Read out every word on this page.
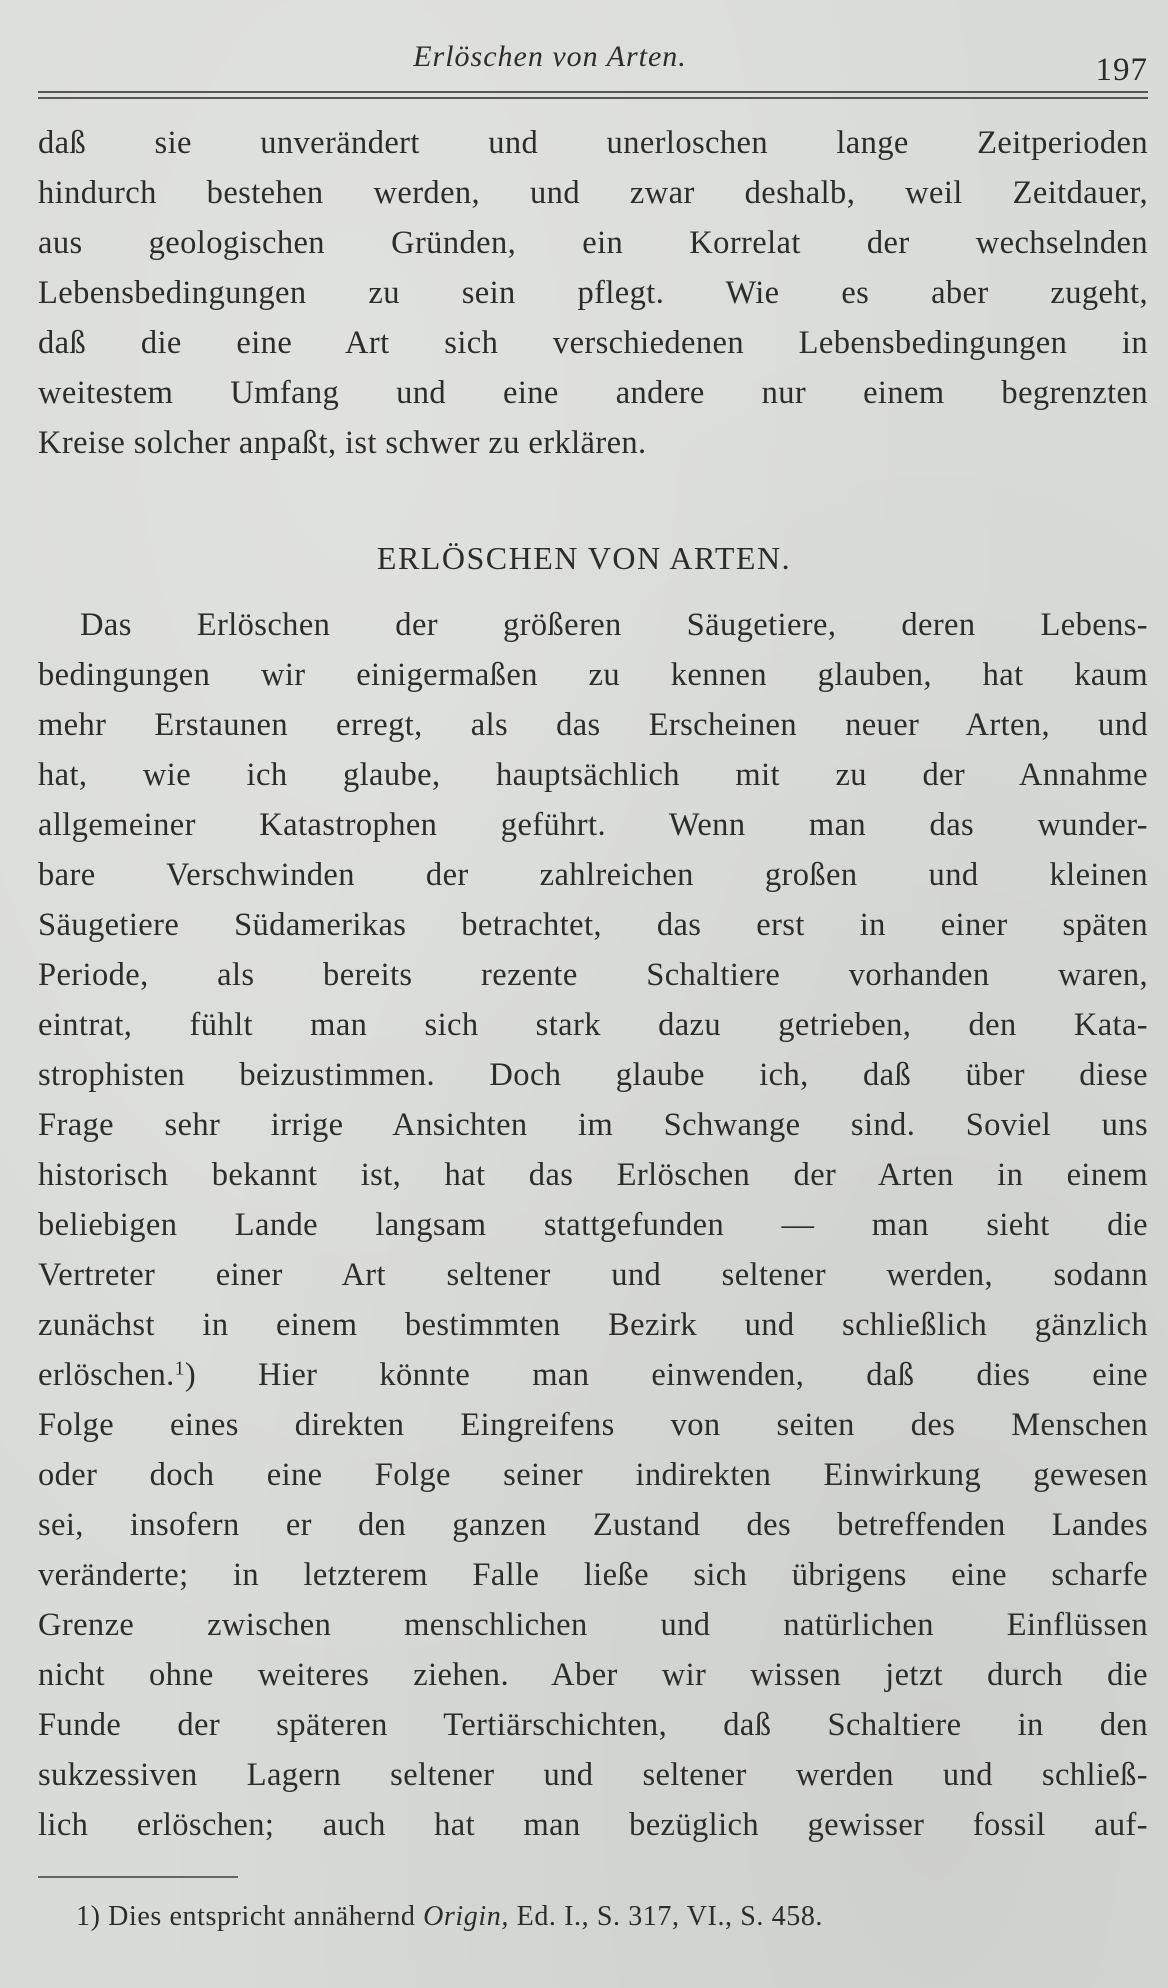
Erlöschen von Arten.	197
daß sie unverändert und unerloschen lange Zeitperioden
hindurch bestehen werden, und zwar deshalb, weil Zeitdauer,
aus geologischen Gründen, ein Korrelat der wechselnden
Lebensbedingungen zu sein pflegt. Wie es aber zugeht,
daß die eine Art sich verschiedenen Lebensbedingungen in
weitestem Umfang und eine andere nur einem begrenzten
Kreise solcher anpaßt, ist schwer zu erklären.
ERLÖSCHEN VON ARTEN.
Das Erlöschen der größeren Säugetiere, deren Lebens-
bedingungen wir einigermaßen zu kennen glauben, hat kaum
mehr Erstaunen erregt, als das Erscheinen neuer Arten, und
hat, wie ich glaube, hauptsächlich mit zu der Annahme
allgemeiner Katastrophen geführt. Wenn man das wunder-
bare Verschwinden der zahlreichen großen und kleinen
Säugetiere Südamerikas betrachtet, das erst in einer späten
Periode, als bereits rezente Schaltiere vorhanden waren,
eintrat, fühlt man sich stark dazu getrieben, den Kata-
strophisten beizustimmen. Doch glaube ich, daß über diese
Frage sehr irrige Ansichten im Schwange sind. Soviel uns
historisch bekannt ist, hat das Erlöschen der Arten in einem
beliebigen Lande langsam stattgefunden — man sieht die
Vertreter einer Art seltener und seltener werden, sodann
zunächst in einem bestimmten Bezirk und schließlich gänzlich
erlöschen.$^1$) Hier könnte man einwenden, daß dies eine
Folge eines direkten Eingreifens von seiten des Menschen
oder doch eine Folge seiner indirekten Einwirkung gewesen
sei, insofern er den ganzen Zustand des betreffenden Landes
veränderte; in letzterem Falle ließe sich übrigens eine scharfe
Grenze zwischen menschlichen und natürlichen Einflüssen
nicht ohne weiteres ziehen. Aber wir wissen jetzt durch die
Funde der späteren Tertiärschichten, daß Schaltiere in den
sukzessiven Lagern seltener und seltener werden und schließ-
lich erlöschen; auch hat man bezüglich gewisser fossil auf-
1) Dies entspricht annähernd Origin, Ed. I., S. 317, VI., S. 458.
